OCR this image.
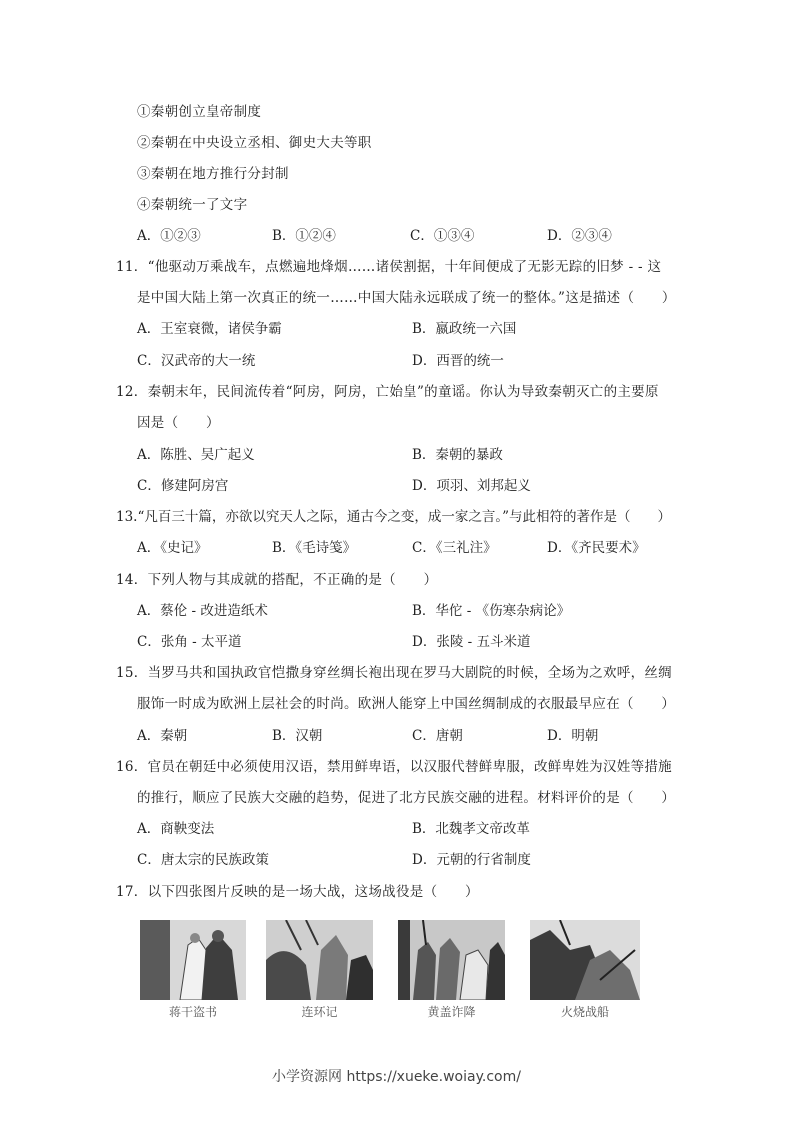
①秦朝创立皇帝制度
②秦朝在中央设立丞相、御史大夫等职
③秦朝在地方推行分封制
④秦朝统一了文字
A．①②③	B．①②④	C．①③④	D．②③④
11．“他驱动万乘战车，点燃遍地烽烟……诸侯割据，十年间便成了无影无踪的旧梦 - - 这
是中国大陆上第一次真正的统一……中国大陆永远联成了统一的整体。”这是描述（　　）
A．王室衰微，诸侯争霸	B．嬴政统一六国
C．汉武帝的大一统	D．西晋的统一
12．秦朝末年，民间流传着“阿房，阿房，亡始皇”的童谣。你认为导致秦朝灭亡的主要原
因是（　　）
A．陈胜、吴广起义	B．秦朝的暴政
C．修建阿房宫	D．项羽、刘邦起义
13.“凡百三十篇，亦欲以究天人之际，通古今之变，成一家之言。”与此相符的著作是（　　）
A．《史记》	B．《毛诗笺》	C．《三礼注》	D．《齐民要术》
14．下列人物与其成就的搭配，不正确的是（　　）
A．蔡伦 - 改进造纸术	B．华佗 - 《伤寒杂病论》
C．张角 - 太平道	D．张陵 - 五斗米道
15．当罗马共和国执政官恺撒身穿丝绸长袍出现在罗马大剧院的时候，全场为之欢呼，丝绸
服饰一时成为欧洲上层社会的时尚。欧洲人能穿上中国丝绸制成的衣服最早应在（　　）
A．秦朝	B．汉朝	C．唐朝	D．明朝
16．官员在朝廷中必须使用汉语，禁用鲜卑语，以汉服代替鲜卑服，改鲜卑姓为汉姓等措施
的推行，顺应了民族大交融的趋势，促进了北方民族交融的进程。材料评价的是（　　）
A．商鞅变法	B．北魏孝文帝改革
C．唐太宗的民族政策	D．元朝的行省制度
17．以下四张图片反映的是一场大战，这场战役是（　　）
蒋干盗书	连环记	黄盖诈降	火烧战船
小学资源网 https://xueke.woiay.com/
